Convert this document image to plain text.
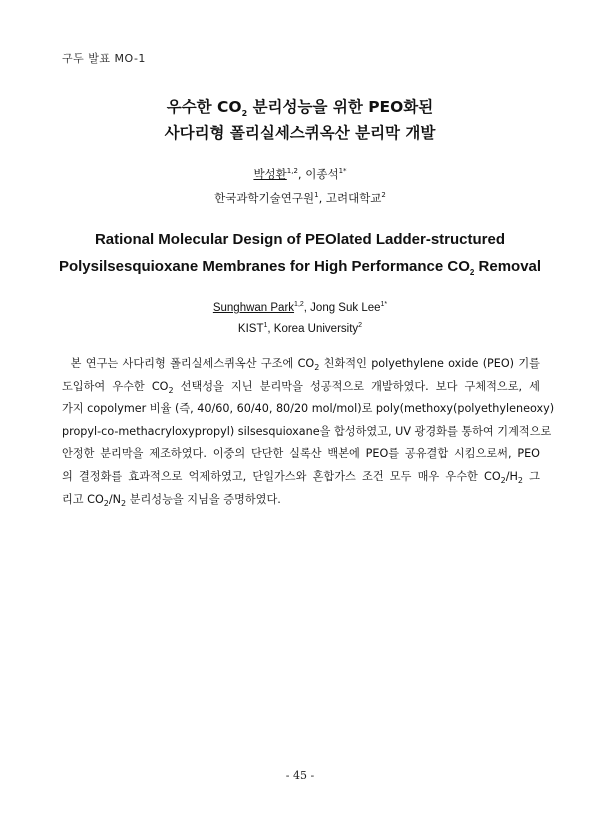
구두 발표 MO-1
우수한 $CO_2$ 분리성능을 위한 PEO화된
사다리형 폴리실세스퀴옥산 분리막 개발
박성환$^{1,2}$, 이종석$^{1*}$
한국과학기술연구원$^1$, 고려대학교$^2$
Rational Molecular Design of PEOlated Ladder-structured
Polysilsesquioxane Membranes for High Performance $CO_2$ Removal
Sunghwan Park$^{1,2}$, Jong Suk Lee$^{1*}$
KIST$^1$, Korea University$^2$
본 연구는 사다리형 폴리실세스퀴옥산 구조에 $CO_2$ 친화적인 polyethylene oxide (PEO) 기를
도입하여 우수한 $CO_2$ 선택성을 지닌 분리막을 성공적으로 개발하였다. 보다 구체적으로, 세
가지 copolymer 비율 (즉, 40/60, 60/40, 80/20 mol/mol)로 poly(methoxy(polyethyleneoxy)
propyl-co-methacryloxypropyl) silsesquioxane을 합성하였고, UV 광경화를 통하여 기계적으로
안정한 분리막을 제조하였다. 이중의 단단한 실록산 백본에 PEO를 공유결합 시킴으로써, PEO
의 결정화를 효과적으로 억제하였고, 단일가스와 혼합가스 조건 모두 매우 우수한 $CO_2/H_2$ 그
리고 $CO_2/N_2$ 분리성능을 지님을 증명하였다.
- 45 -
